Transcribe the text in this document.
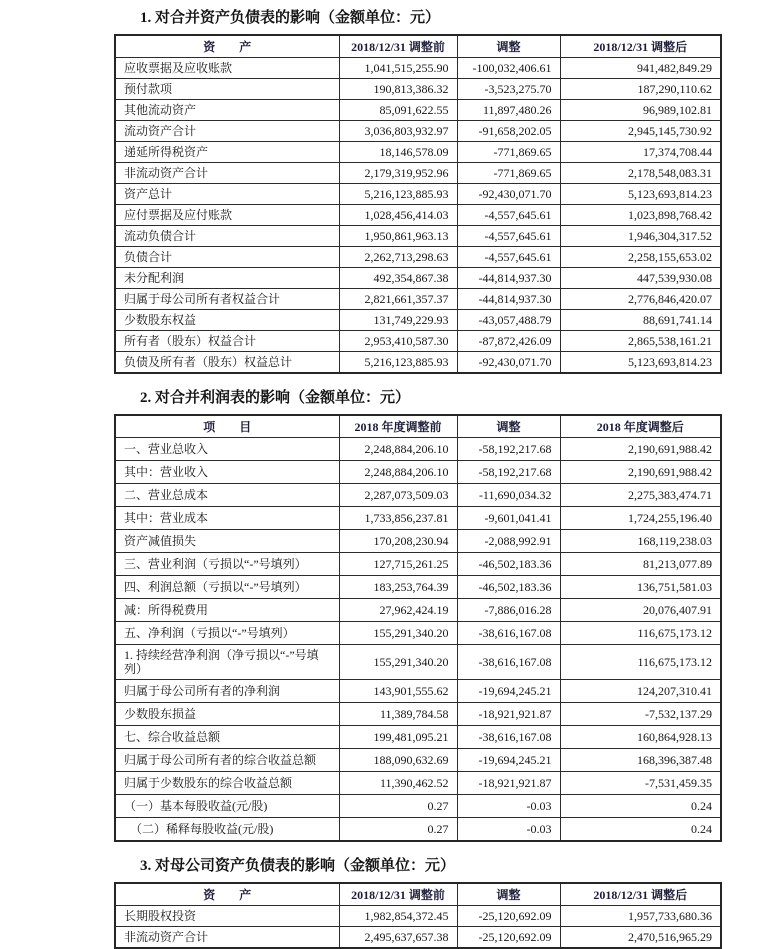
1. 对合并资产负债表的影响（金额单位：元）
资　　产	2018/12/31 调整前	调整	2018/12/31 调整后
应收票据及应收账款	1,041,515,255.90	-100,032,406.61	941,482,849.29
预付款项	190,813,386.32	-3,523,275.70	187,290,110.62
其他流动资产	85,091,622.55	11,897,480.26	96,989,102.81
流动资产合计	3,036,803,932.97	-91,658,202.05	2,945,145,730.92
递延所得税资产	18,146,578.09	-771,869.65	17,374,708.44
非流动资产合计	2,179,319,952.96	-771,869.65	2,178,548,083.31
资产总计	5,216,123,885.93	-92,430,071.70	5,123,693,814.23
应付票据及应付账款	1,028,456,414.03	-4,557,645.61	1,023,898,768.42
流动负债合计	1,950,861,963.13	-4,557,645.61	1,946,304,317.52
负债合计	2,262,713,298.63	-4,557,645.61	2,258,155,653.02
未分配利润	492,354,867.38	-44,814,937.30	447,539,930.08
归属于母公司所有者权益合计	2,821,661,357.37	-44,814,937.30	2,776,846,420.07
少数股东权益	131,749,229.93	-43,057,488.79	88,691,741.14
所有者（股东）权益合计	2,953,410,587.30	-87,872,426.09	2,865,538,161.21
负债及所有者（股东）权益总计	5,216,123,885.93	-92,430,071.70	5,123,693,814.23
2. 对合并利润表的影响（金额单位：元）
项　　目	2018 年度调整前	调整	2018 年度调整后
一、营业总收入	2,248,884,206.10	-58,192,217.68	2,190,691,988.42
其中：营业收入	2,248,884,206.10	-58,192,217.68	2,190,691,988.42
二、营业总成本	2,287,073,509.03	-11,690,034.32	2,275,383,474.71
其中：营业成本	1,733,856,237.81	-9,601,041.41	1,724,255,196.40
资产减值损失	170,208,230.94	-2,088,992.91	168,119,238.03
三、营业利润（亏损以“-”号填列）	127,715,261.25	-46,502,183.36	81,213,077.89
四、利润总额（亏损以“-”号填列）	183,253,764.39	-46,502,183.36	136,751,581.03
减：所得税费用	27,962,424.19	-7,886,016.28	20,076,407.91
五、净利润（亏损以“-”号填列）	155,291,340.20	-38,616,167.08	116,675,173.12
1. 持续经营净利润（净亏损以“-”号填列）	155,291,340.20	-38,616,167.08	116,675,173.12
归属于母公司所有者的净利润	143,901,555.62	-19,694,245.21	124,207,310.41
少数股东损益	11,389,784.58	-18,921,921.87	-7,532,137.29
七、综合收益总额	199,481,095.21	-38,616,167.08	160,864,928.13
归属于母公司所有者的综合收益总额	188,090,632.69	-19,694,245.21	168,396,387.48
归属于少数股东的综合收益总额	11,390,462.52	-18,921,921.87	-7,531,459.35
（一）基本每股收益(元/股)	0.27	-0.03	0.24
　（二）稀释每股收益(元/股)	0.27	-0.03	0.24
3. 对母公司资产负债表的影响（金额单位：元）
资　　产	2018/12/31 调整前	调整	2018/12/31 调整后
长期股权投资	1,982,854,372.45	-25,120,692.09	1,957,733,680.36
非流动资产合计	2,495,637,657.38	-25,120,692.09	2,470,516,965.29
